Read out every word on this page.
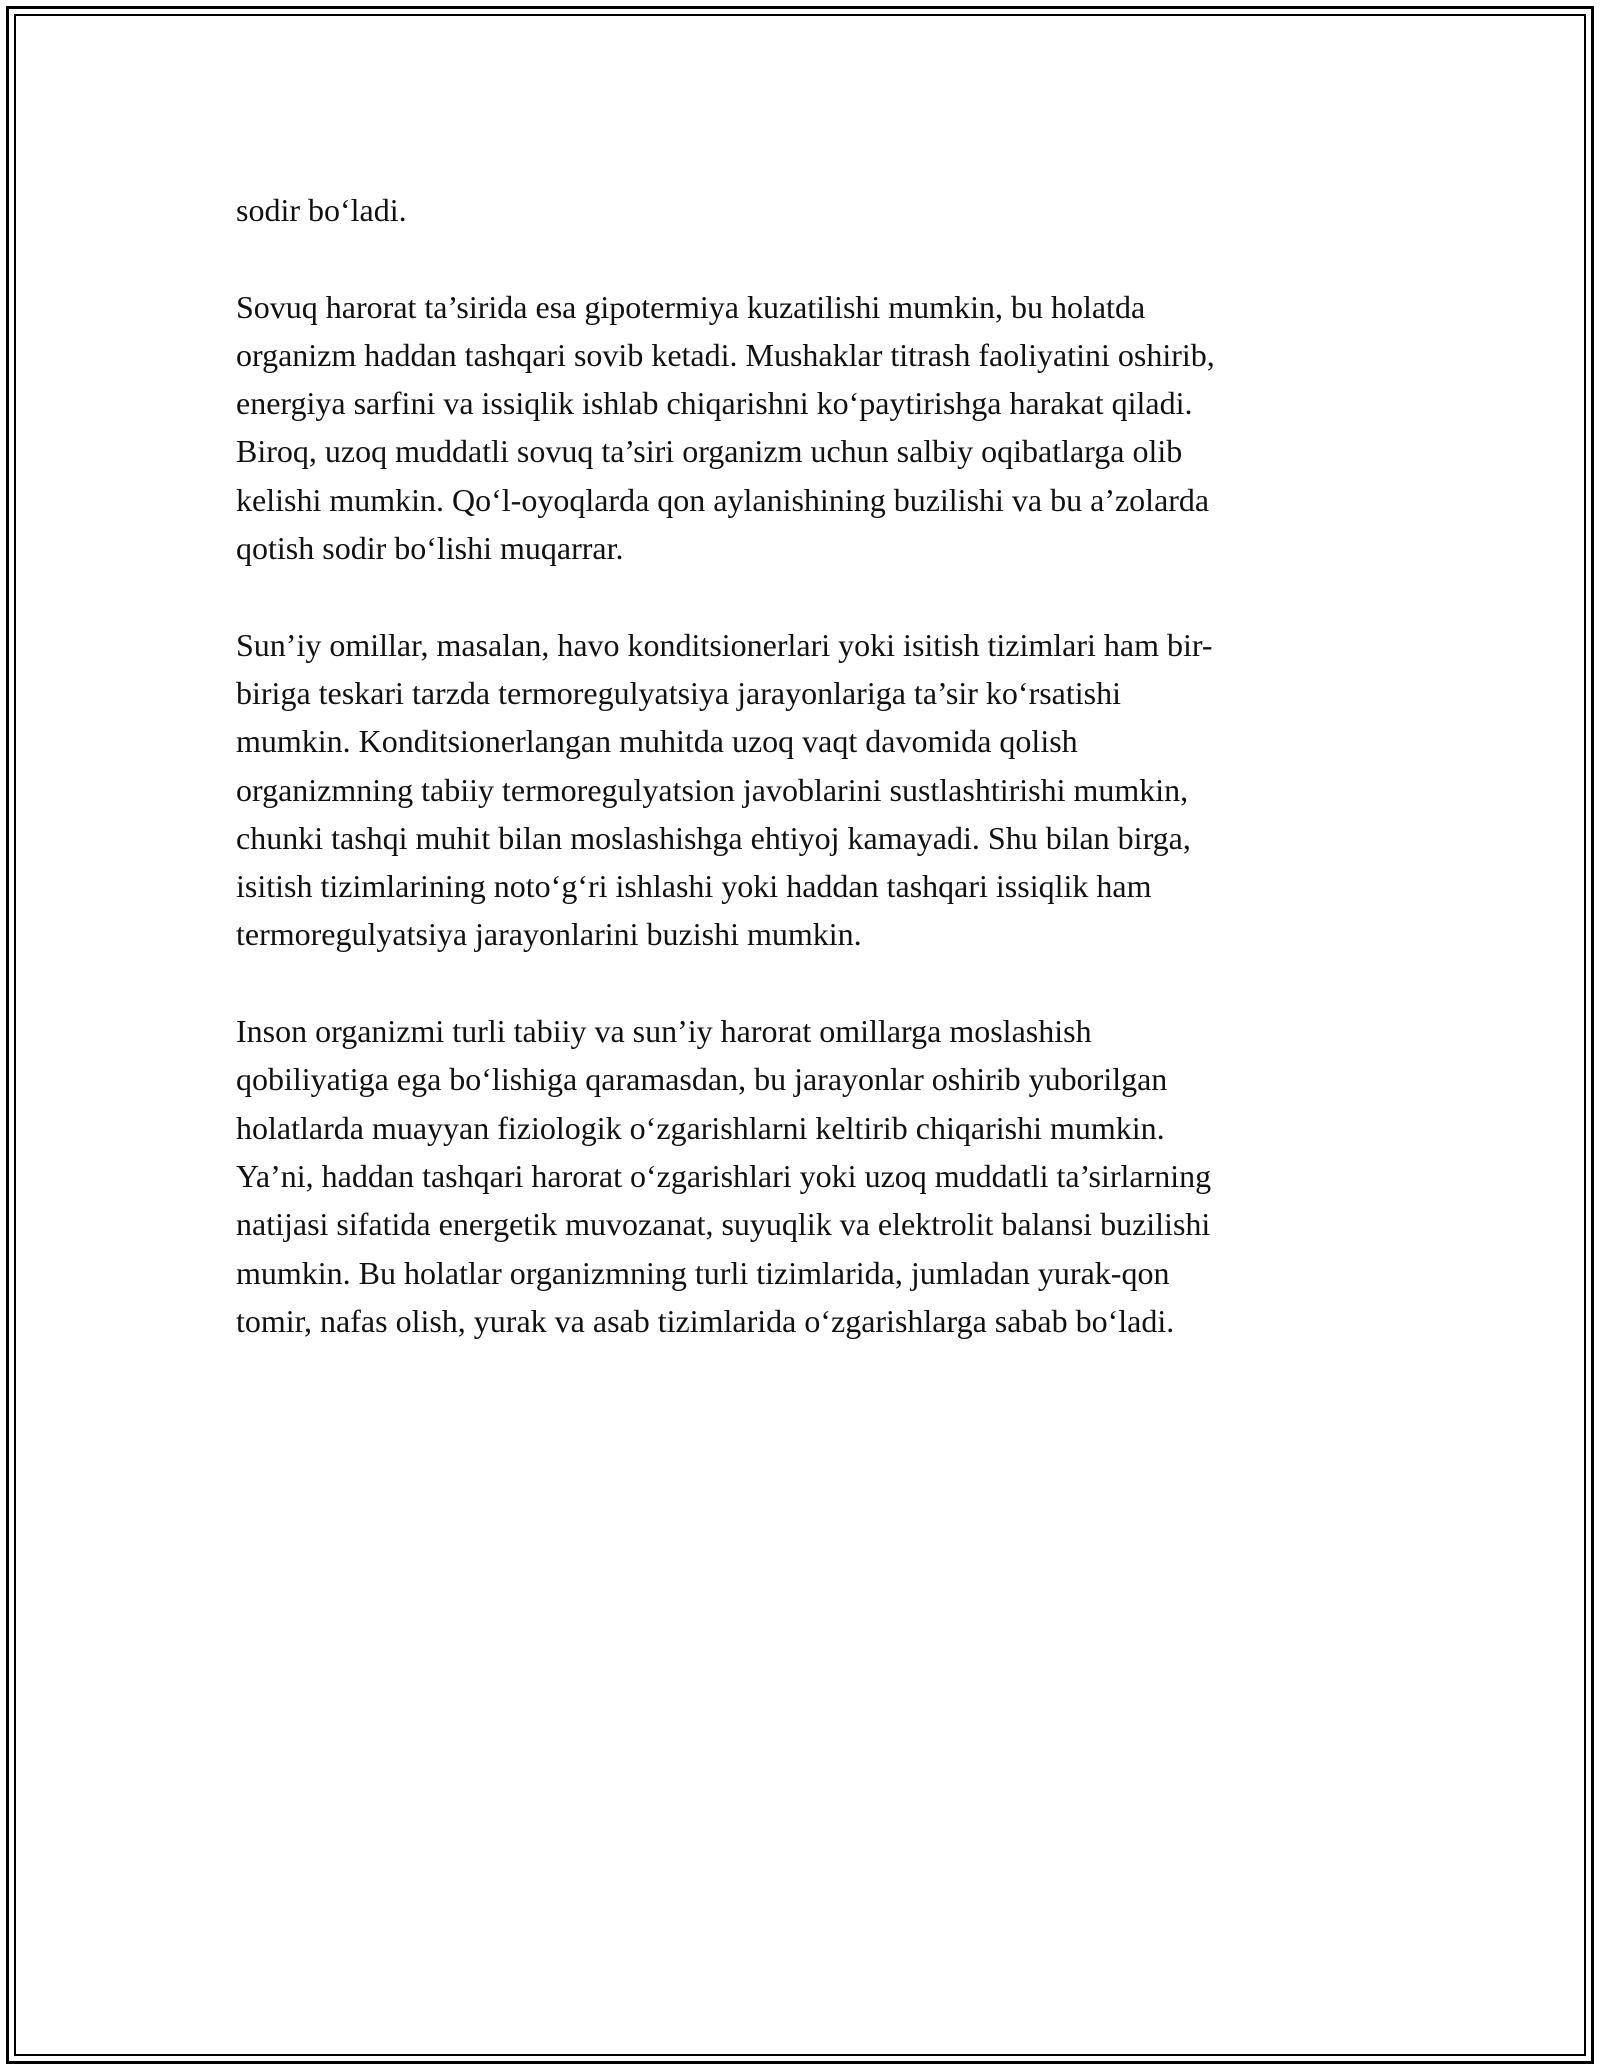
sodir bo‘ladi.

Sovuq harorat ta’sirida esa gipotermiya kuzatilishi mumkin, bu holatda
organizm haddan tashqari sovib ketadi. Mushaklar titrash faoliyatini oshirib,
energiya sarfini va issiqlik ishlab chiqarishni ko‘paytirishga harakat qiladi.
Biroq, uzoq muddatli sovuq ta’siri organizm uchun salbiy oqibatlarga olib
kelishi mumkin. Qo‘l-oyoqlarda qon aylanishining buzilishi va bu a’zolarda
qotish sodir bo‘lishi muqarrar.

Sun’iy omillar, masalan, havo konditsionerlari yoki isitish tizimlari ham bir-
biriga teskari tarzda termoregulyatsiya jarayonlariga ta’sir ko‘rsatishi
mumkin. Konditsionerlangan muhitda uzoq vaqt davomida qolish
organizmning tabiiy termoregulyatsion javoblarini sustlashtirishi mumkin,
chunki tashqi muhit bilan moslashishga ehtiyoj kamayadi. Shu bilan birga,
isitish tizimlarining noto‘g‘ri ishlashi yoki haddan tashqari issiqlik ham
termoregulyatsiya jarayonlarini buzishi mumkin.

Inson organizmi turli tabiiy va sun’iy harorat omillarga moslashish
qobiliyatiga ega bo‘lishiga qaramasdan, bu jarayonlar oshirib yuborilgan
holatlarda muayyan fiziologik o‘zgarishlarni keltirib chiqarishi mumkin.
Ya’ni, haddan tashqari harorat o‘zgarishlari yoki uzoq muddatli ta’sirlarning
natijasi sifatida energetik muvozanat, suyuqlik va elektrolit balansi buzilishi
mumkin. Bu holatlar organizmning turli tizimlarida, jumladan yurak-qon
tomir, nafas olish, yurak va asab tizimlarida o‘zgarishlarga sabab bo‘ladi.
